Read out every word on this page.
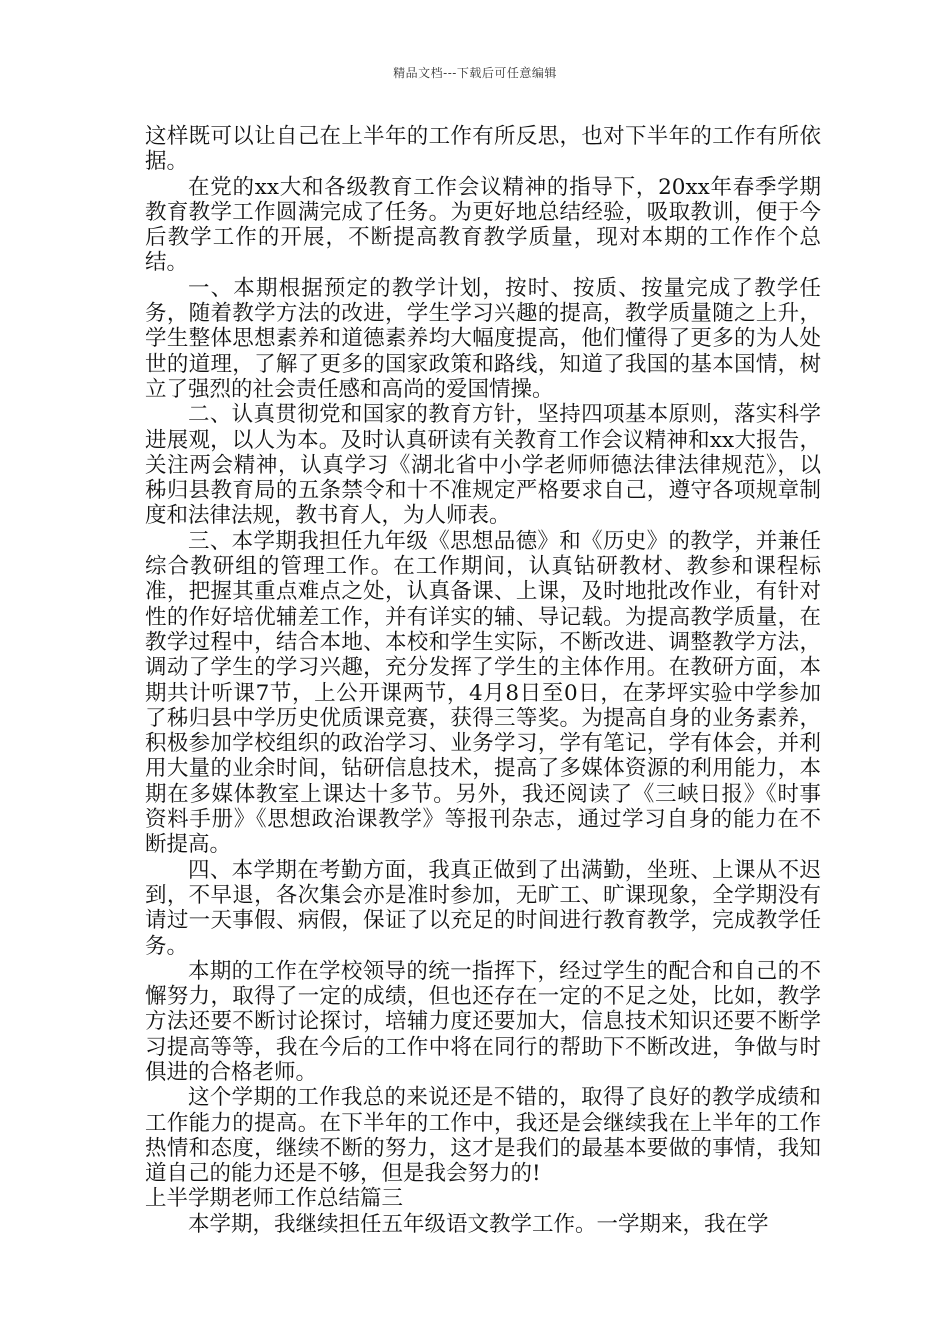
精品文档---下载后可任意编辑

这样既可以让自己在上半年的工作有所反思，也对下半年的工作有所依据。

在党的xx大和各级教育工作会议精神的指导下，20xx年春季学期教育教学工作圆满完成了任务。为更好地总结经验，吸取教训，便于今后教学工作的开展，不断提高教育教学质量，现对本期的工作作个总结。

一、本期根据预定的教学计划，按时、按质、按量完成了教学任务，随着教学方法的改进，学生学习兴趣的提高，教学质量随之上升，学生整体思想素养和道德素养均大幅度提高，他们懂得了更多的为人处世的道理，了解了更多的国家政策和路线，知道了我国的基本国情，树立了强烈的社会责任感和高尚的爱国情操。

二、认真贯彻党和国家的教育方针，坚持四项基本原则，落实科学进展观，以人为本。及时认真研读有关教育工作会议精神和xx大报告，关注两会精神，认真学习《湖北省中小学老师师德法律法律规范》，以秭归县教育局的五条禁令和十不准规定严格要求自己，遵守各项规章制度和法律法规，教书育人，为人师表。

三、本学期我担任九年级《思想品德》和《历史》的教学，并兼任综合教研组的管理工作。在工作期间，认真钻研教材、教参和课程标准，把握其重点难点之处，认真备课、上课，及时地批改作业，有针对性的作好培优辅差工作，并有详实的辅、导记载。为提高教学质量，在教学过程中，结合本地、本校和学生实际，不断改进、调整教学方法，调动了学生的学习兴趣，充分发挥了学生的主体作用。在教研方面，本期共计听课7节，上公开课两节，4月8日至0日，在茅坪实验中学参加了秭归县中学历史优质课竞赛，获得三等奖。为提高自身的业务素养，积极参加学校组织的政治学习、业务学习，学有笔记，学有体会，并利用大量的业余时间，钻研信息技术，提高了多媒体资源的利用能力，本期在多媒体教室上课达十多节。另外，我还阅读了《三峡日报》《时事资料手册》《思想政治课教学》等报刊杂志，通过学习自身的能力在不断提高。

四、本学期在考勤方面，我真正做到了出满勤，坐班、上课从不迟到，不早退，各次集会亦是准时参加，无旷工、旷课现象，全学期没有请过一天事假、病假，保证了以充足的时间进行教育教学，完成教学任务。

本期的工作在学校领导的统一指挥下，经过学生的配合和自己的不懈努力，取得了一定的成绩，但也还存在一定的不足之处，比如，教学方法还要不断讨论探讨，培辅力度还要加大，信息技术知识还要不断学习提高等等，我在今后的工作中将在同行的帮助下不断改进，争做与时俱进的合格老师。

这个学期的工作我总的来说还是不错的，取得了良好的教学成绩和工作能力的提高。在下半年的工作中，我还是会继续我在上半年的工作热情和态度，继续不断的努力，这才是我们的最基本要做的事情，我知道自己的能力还是不够，但是我会努力的!

上半学期老师工作总结篇三

本学期，我继续担任五年级语文教学工作。一学期来，我在学
